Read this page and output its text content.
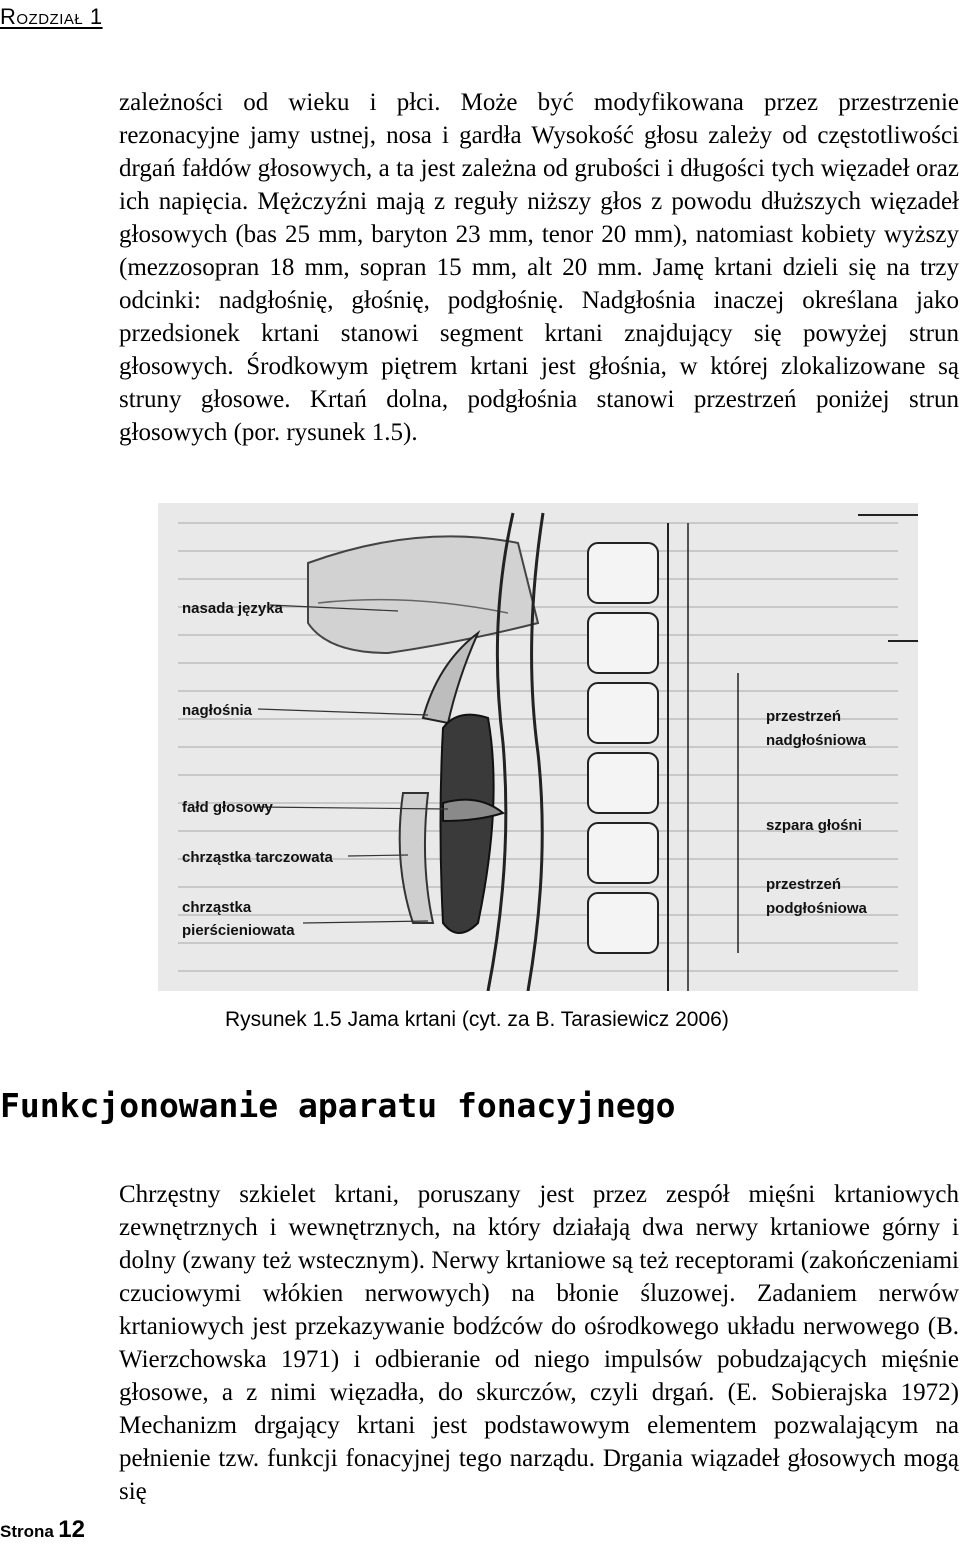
Rozdział 1

zależności od wieku i płci. Może być modyfikowana przez przestrzenie rezonacyjne jamy ustnej, nosa i gardła Wysokość głosu zależy od częstotliwości drgań fałdów głosowych, a ta jest zależna od grubości i długości tych więzadeł oraz ich napięcia. Mężczyźni mają z reguły niższy głos z powodu dłuższych więzadeł głosowych (bas 25 mm, baryton 23 mm, tenor 20 mm), natomiast kobiety wyższy (mezzosopran 18 mm, sopran 15 mm, alt 20 mm. Jamę krtani dzieli się na trzy odcinki: nadgłośnię, głośnię, podgłośnię. Nadgłośnia inaczej określana jako przedsionek krtani stanowi segment krtani znajdujący się powyżej strun głosowych. Środkowym piętrem krtani jest głośnia, w której zlokalizowane są struny głosowe. Krtań dolna, podgłośnia stanowi przestrzeń poniżej strun głosowych (por. rysunek 1.5).

nasada języka
nagłośnia
fałd głosowy
chrząstka tarczowata
chrząstka
pierścieniowata
przestrzeń
nadgłośniowa
szpara głośni
przestrzeń
podgłośniowa
Rysunek 1.5 Jama krtani (cyt. za B. Tarasiewicz 2006)
Funkcjonowanie aparatu fonacyjnego

Chrzęstny szkielet krtani, poruszany jest przez zespół mięśni krtaniowych zewnętrznych i wewnętrznych, na który działają dwa nerwy krtaniowe górny i dolny (zwany też wstecznym). Nerwy krtaniowe są też receptorami (zakończeniami czuciowymi włókien nerwowych) na błonie śluzowej. Zadaniem nerwów krtaniowych jest przekazywanie bodźców do ośrodkowego układu nerwowego (B. Wierzchowska 1971) i odbieranie od niego impulsów pobudzających mięśnie głosowe, a z nimi więzadła, do skurczów, czyli drgań. (E. Sobierajska 1972) Mechanizm drgający krtani jest podstawowym elementem pozwalającym na pełnienie tzw. funkcji fonacyjnej tego narządu. Drgania wiązadeł głosowych mogą się

Strona 12
